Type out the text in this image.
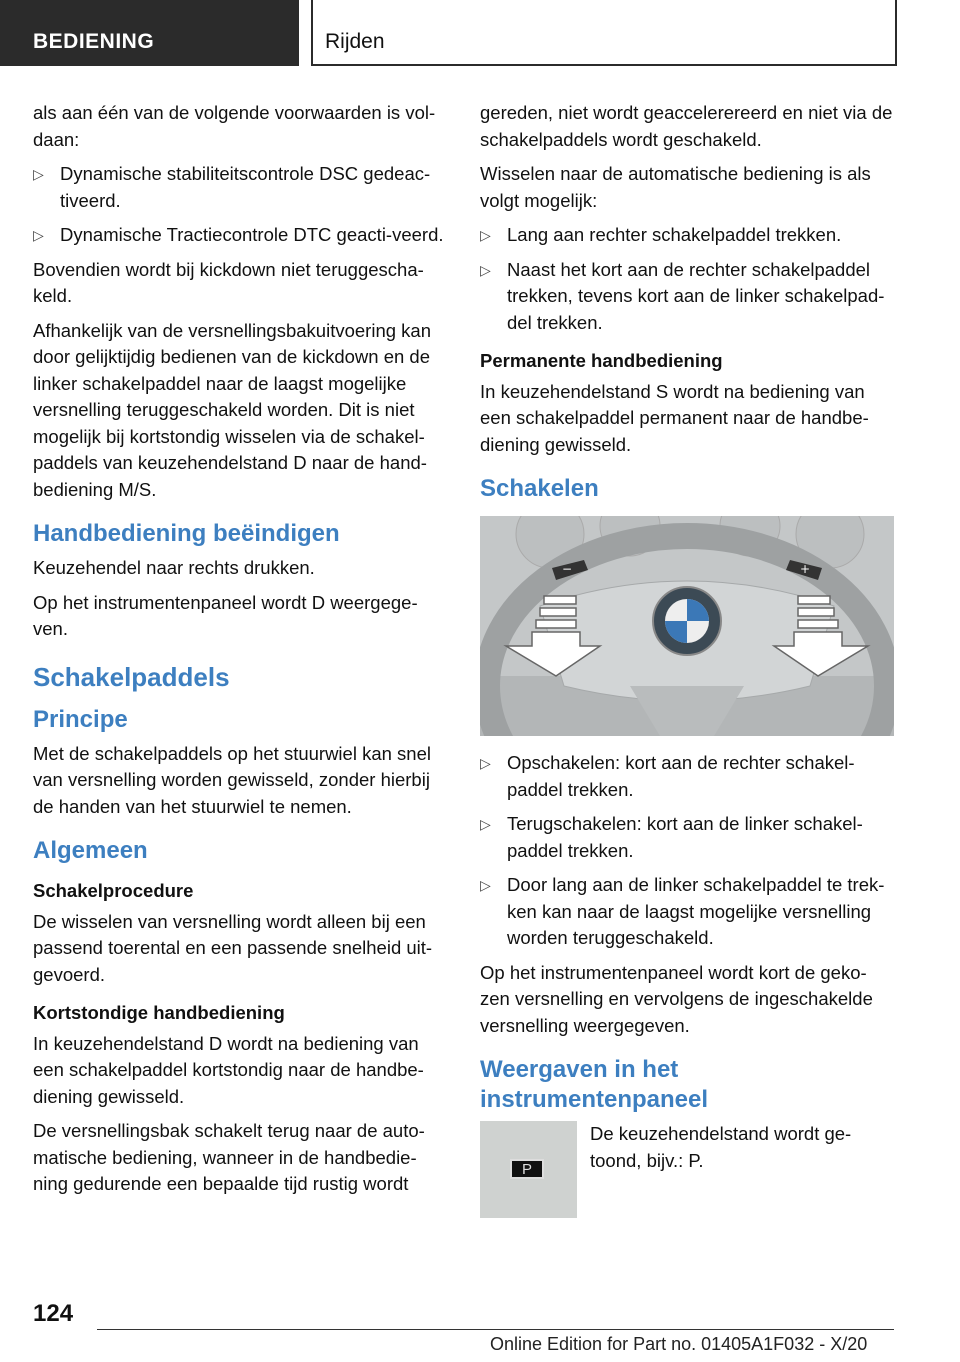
BEDIENING	Rijden

als aan één van de volgende voorwaarden is vol-daan:

▷ Dynamische stabiliteitscontrole DSC gedeac-tiveerd.
▷ Dynamische Tractiecontrole DTC geacti-veerd.

Bovendien wordt bij kickdown niet teruggescha-keld.

Afhankelijk van de versnellingsbakuitvoering kan door gelijktijdig bedienen van de kickdown en de linker schakelpaddel naar de laagst mogelijke versnelling teruggeschakeld worden. Dit is niet mogelijk bij kortstondig wisselen via de schakel-paddels van keuzehendelstand D naar de hand-bediening M/S.

Handbediening beëindigen

Keuzehendel naar rechts drukken.

Op het instrumentenpaneel wordt D weergege-ven.

Schakelpaddels
Principe

Met de schakelpaddels op het stuurwiel kan snel van versnelling worden gewisseld, zonder hierbij de handen van het stuurwiel te nemen.

Algemeen
Schakelprocedure

De wisselen van versnelling wordt alleen bij een passend toerental en een passende snelheid uit-gevoerd.

Kortstondige handbediening

In keuzehendelstand D wordt na bediening van een schakelpaddel kortstondig naar de handbe-diening gewisseld.

De versnellingsbak schakelt terug naar de auto-matische bediening, wanneer in de handbedie-ning gedurende een bepaalde tijd rustig wordt

gereden, niet wordt geaccelerereerd en niet via de schakelpaddels wordt geschakeld.

Wisselen naar de automatische bediening is als volgt mogelijk:

▷ Lang aan rechter schakelpaddel trekken.
▷ Naast het kort aan de rechter schakelpaddel trekken, tevens kort aan de linker schakelpad-del trekken.
Permanente handbediening

In keuzehendelstand S wordt na bediening van een schakelpaddel permanent naar de handbe-diening gewisseld.

Schakelen
−	+
▷ Opschakelen: kort aan de rechter schakel-paddel trekken.
▷ Terugschakelen: kort aan de linker schakel-paddel trekken.
▷ Door lang aan de linker schakelpaddel te trek-ken kan naar de laagst mogelijke versnelling worden teruggeschakeld.

Op het instrumentenpaneel wordt kort de geko-zen versnelling en vervolgens de ingeschakelde versnelling weergegeven.

Weergaven in het instrumentenpaneel
P
De keuzehendelstand wordt ge-toond, bijv.: P.
124
Online Edition for Part no. 01405A1F032 - X/20
